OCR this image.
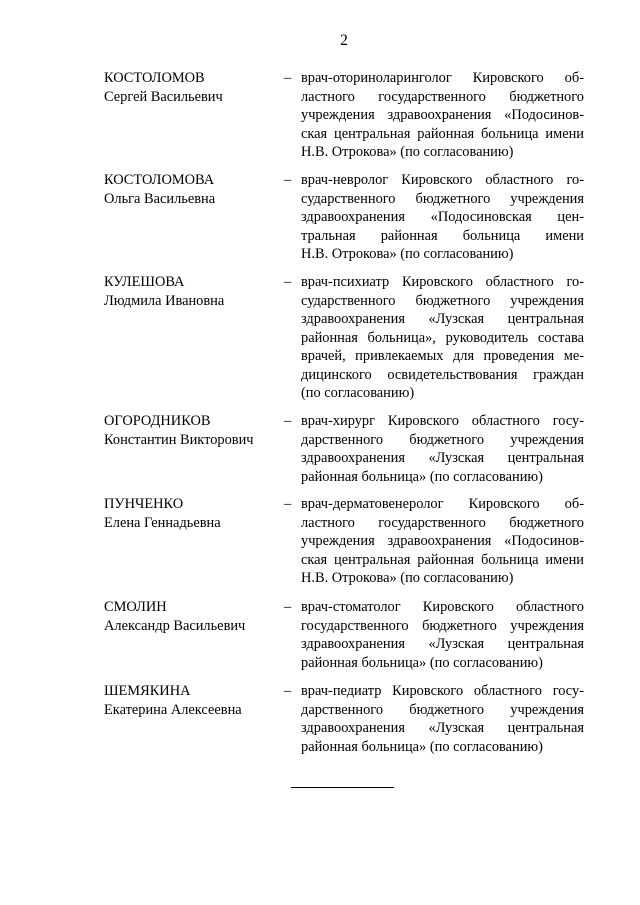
2
КОСТОЛОМОВ
Сергей Васильевич
– врач-оториноларинголог Кировского об-
ластного государственного бюджетного
учреждения здравоохранения «Подосинов-
ская центральная районная больница имени
Н.В. Отрокова» (по согласованию)
КОСТОЛОМОВА
Ольга Васильевна
– врач-невролог Кировского областного го-
сударственного бюджетного учреждения
здравоохранения «Подосиновская цен-
тральная районная больница имени
Н.В. Отрокова» (по согласованию)
КУЛЕШОВА
Людмила Ивановна
– врач-психиатр Кировского областного го-
сударственного бюджетного учреждения
здравоохранения «Лузская центральная
районная больница», руководитель состава
врачей, привлекаемых для проведения ме-
дицинского освидетельствования граждан
(по согласованию)
ОГОРОДНИКОВ
Константин Викторович
– врач-хирург Кировского областного госу-
дарственного бюджетного учреждения
здравоохранения «Лузская центральная
районная больница» (по согласованию)
ПУНЧЕНКО
Елена Геннадьевна
– врач-дерматовенеролог Кировского об-
ластного государственного бюджетного
учреждения здравоохранения «Подосинов-
ская центральная районная больница имени
Н.В. Отрокова» (по согласованию)
СМОЛИН
Александр Васильевич
– врач-стоматолог Кировского областного
государственного бюджетного учреждения
здравоохранения «Лузская центральная
районная больница» (по согласованию)
ШЕМЯКИНА
Екатерина Алексеевна
– врач-педиатр Кировского областного госу-
дарственного бюджетного учреждения
здравоохранения «Лузская центральная
районная больница» (по согласованию)
